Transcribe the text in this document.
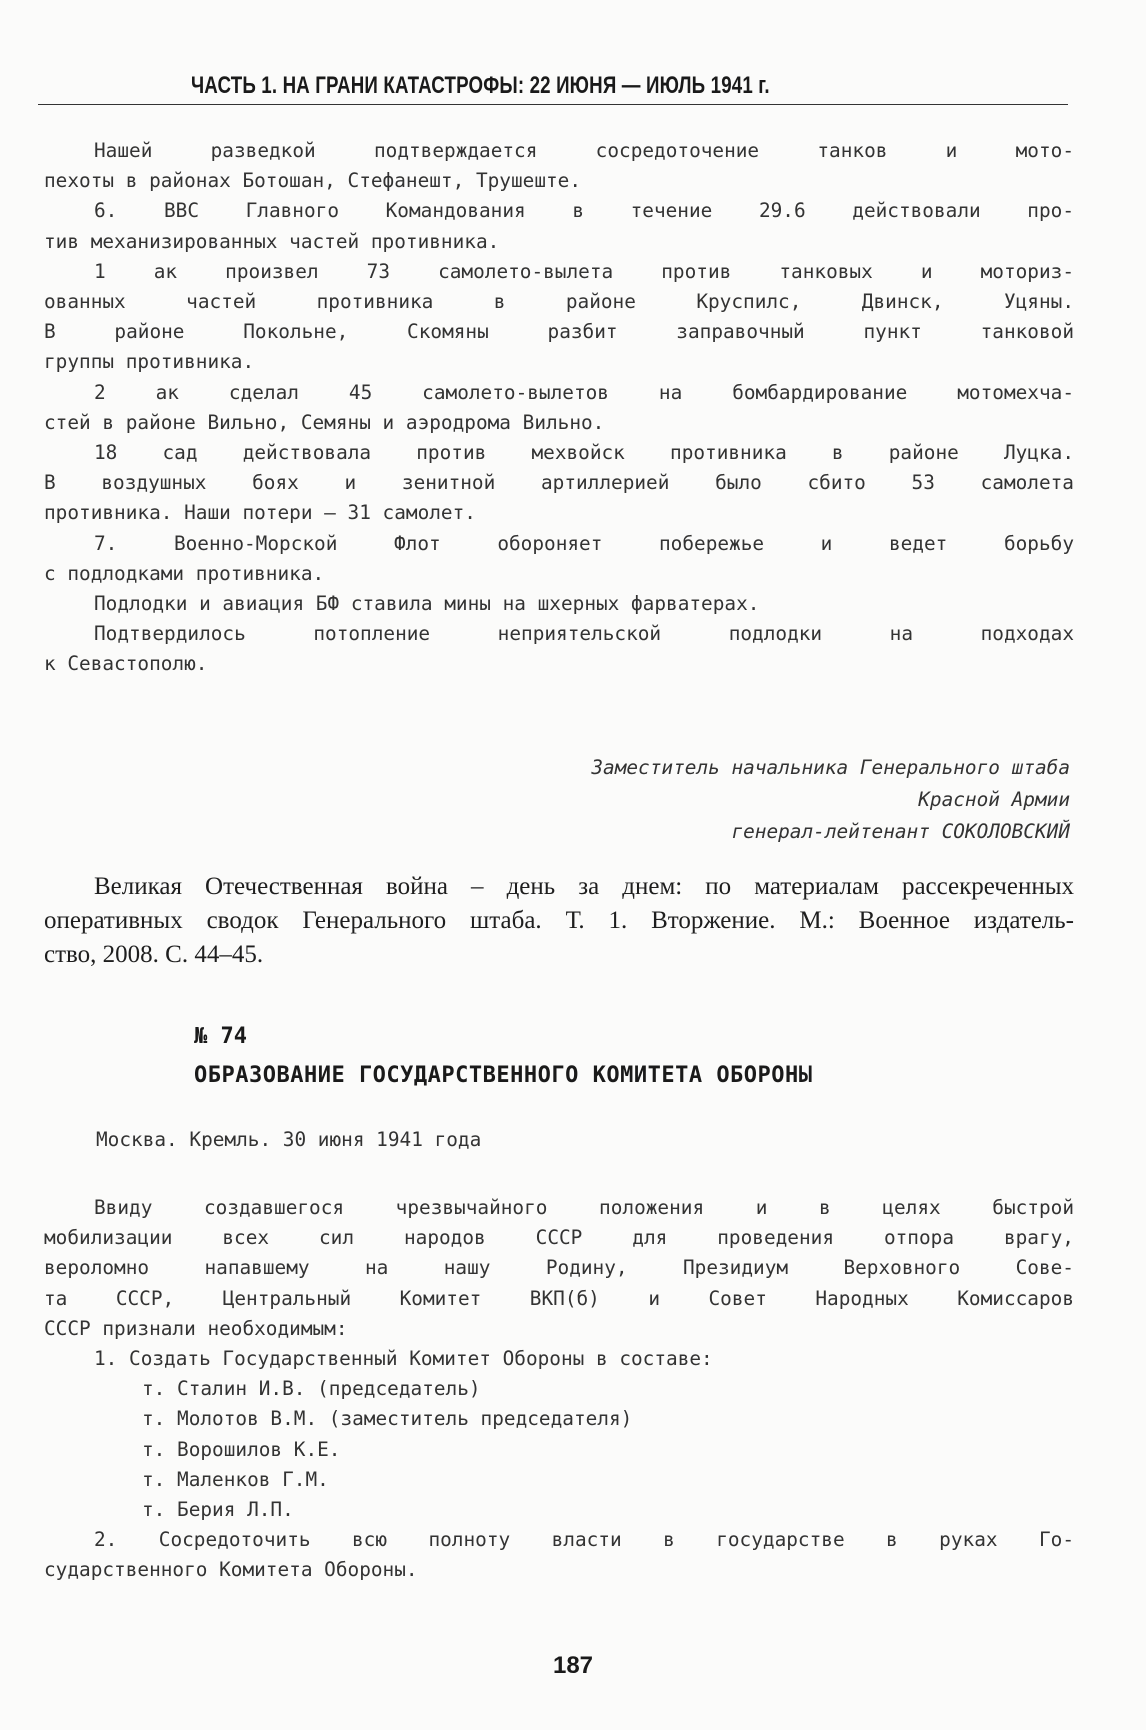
ЧАСТЬ 1. НА ГРАНИ КАТАСТРОФЫ: 22 ИЮНЯ — ИЮЛЬ 1941 г.

Нашей разведкой подтверждается сосредоточение танков и мото-

пехоты в районах Ботошан, Стефанешт, Трушеште.

6. ВВС Главного Командования в течение 29.6 действовали про-

тив механизированных частей противника.

1 ак произвел 73 самолето-вылета против танковых и моториз-

ованных частей противника в районе Круспилс, Двинск, Уцяны.

В районе Покольне, Скомяны разбит заправочный пункт танковой

группы противника.

2 ак сделал 45 самолето-вылетов на бомбардирование мотомехча-

стей в районе Вильно, Семяны и аэродрома Вильно.

18 сад действовала против мехвойск противника в районе Луцка.

В воздушных боях и зенитной артиллерией было сбито 53 самолета

противника. Наши потери – 31 самолет.

7. Военно-Морской Флот обороняет побережье и ведет борьбу

с подлодками противника.

Подлодки и авиация БФ ставила мины на шхерных фарватерах.

Подтвердилось потопление неприятельской подлодки на подходах

к Севастополю.

Заместитель начальника Генерального штаба
Красной Армии
генерал-лейтенант СОКОЛОВСКИЙ
Великая Отечественная война – день за днем: по материалам рассекреченных
оперативных сводок Генерального штаба. Т. 1. Вторжение. М.: Военное издатель-
ство, 2008. С. 44–45.
№ 74
ОБРАЗОВАНИЕ ГОСУДАРСТВЕННОГО КОМИТЕТА ОБОРОНЫ
Москва. Кремль. 30 июня 1941 года

Ввиду создавшегося чрезвычайного положения и в целях быстрой

мобилизации всех сил народов СССР для проведения отпора врагу,

вероломно напавшему на нашу Родину, Президиум Верховного Сове-

та СССР, Центральный Комитет ВКП(б) и Совет Народных Комиссаров

СССР признали необходимым:

1. Создать Государственный Комитет Обороны в составе:

т. Сталин И.В. (председатель)

т. Молотов В.М. (заместитель председателя)

т. Ворошилов К.Е.

т. Маленков Г.М.

т. Берия Л.П.

2. Сосредоточить всю полноту власти в государстве в руках Го-

сударственного Комитета Обороны.

187
